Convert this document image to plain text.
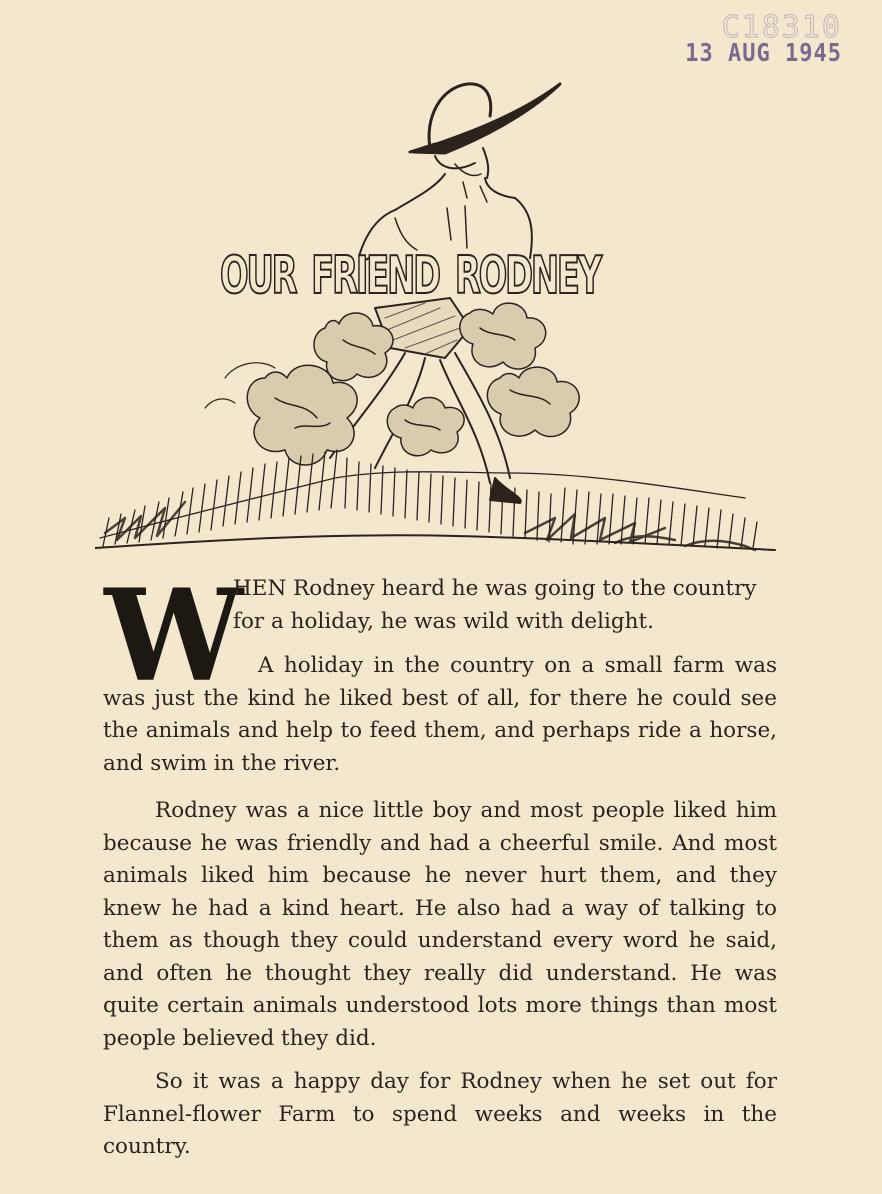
C18310
13 AUG 1945
OUR FRIEND RODNEY
W
HEN Rodney heard he was going to the country for a holiday, he was wild with delight.
A holiday in the country on a small farm was was just the kind he liked best of all, for there he could see the animals and help to feed them, and perhaps ride a horse, and swim in the river.
Rodney was a nice little boy and most people liked him because he was friendly and had a cheerful smile. And most animals liked him because he never hurt them, and they knew he had a kind heart. He also had a way of talking to them as though they could understand every word he said, and often he thought they really did understand. He was quite certain animals understood lots more things than most people believed they did.
So it was a happy day for Rodney when he set out for Flannel-flower Farm to spend weeks and weeks in the country.
